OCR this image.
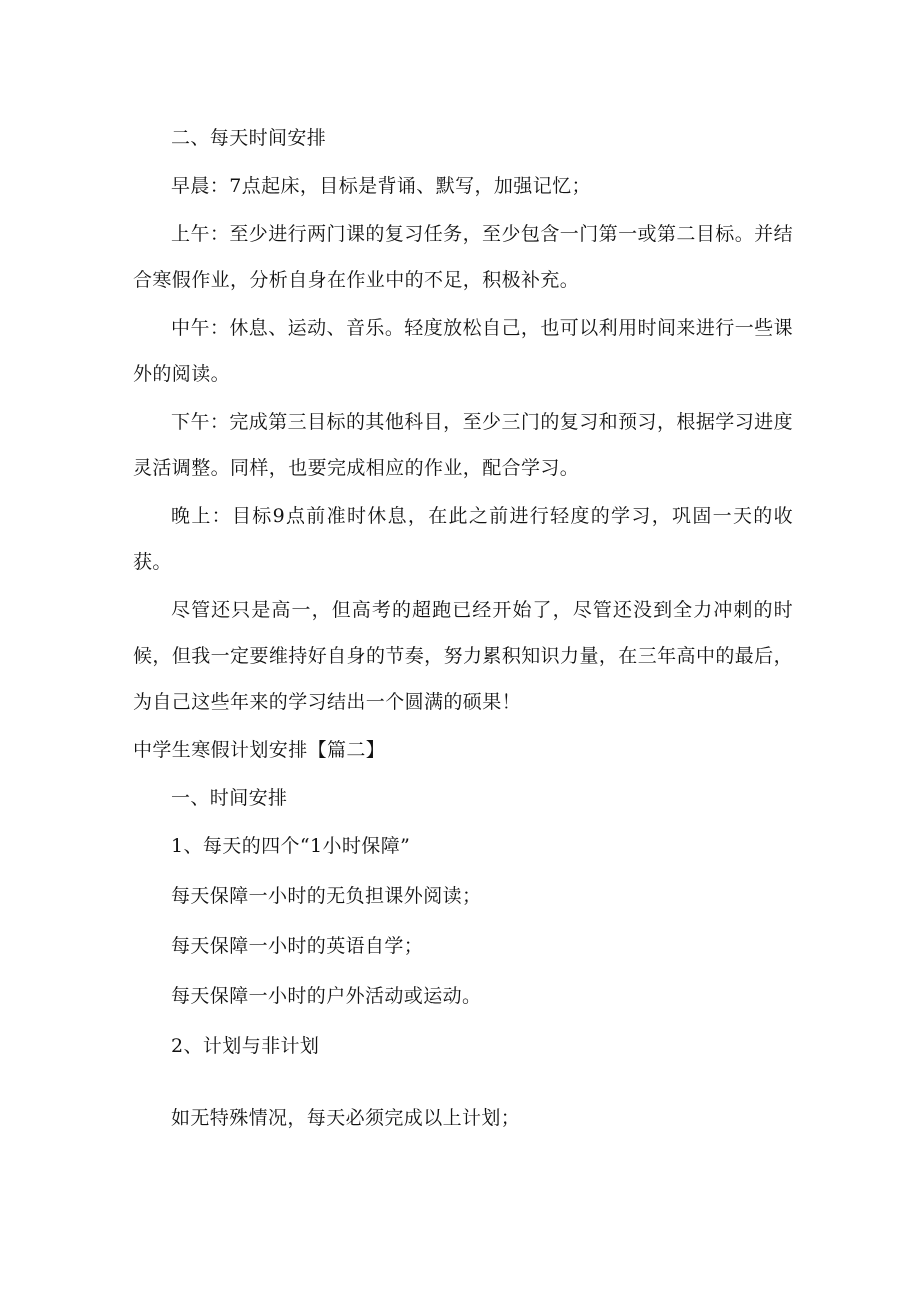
二、每天时间安排

早晨：7点起床，目标是背诵、默写，加强记忆；

上午：至少进行两门课的复习任务，至少包含一门第一或第二目标。并结合寒假作业，分析自身在作业中的不足，积极补充。

中午：休息、运动、音乐。轻度放松自己，也可以利用时间来进行一些课外的阅读。

下午：完成第三目标的其他科目，至少三门的复习和预习，根据学习进度灵活调整。同样，也要完成相应的作业，配合学习。

晚上：目标9点前准时休息，在此之前进行轻度的学习，巩固一天的收获。

尽管还只是高一，但高考的超跑已经开始了，尽管还没到全力冲刺的时候，但我一定要维持好自身的节奏，努力累积知识力量，在三年高中的最后，为自己这些年来的学习结出一个圆满的硕果！

中学生寒假计划安排【篇二】

一、时间安排

1、每天的四个“1小时保障”

每天保障一小时的无负担课外阅读；

每天保障一小时的英语自学；

每天保障一小时的户外活动或运动。

2、计划与非计划

如无特殊情况，每天必须完成以上计划；
